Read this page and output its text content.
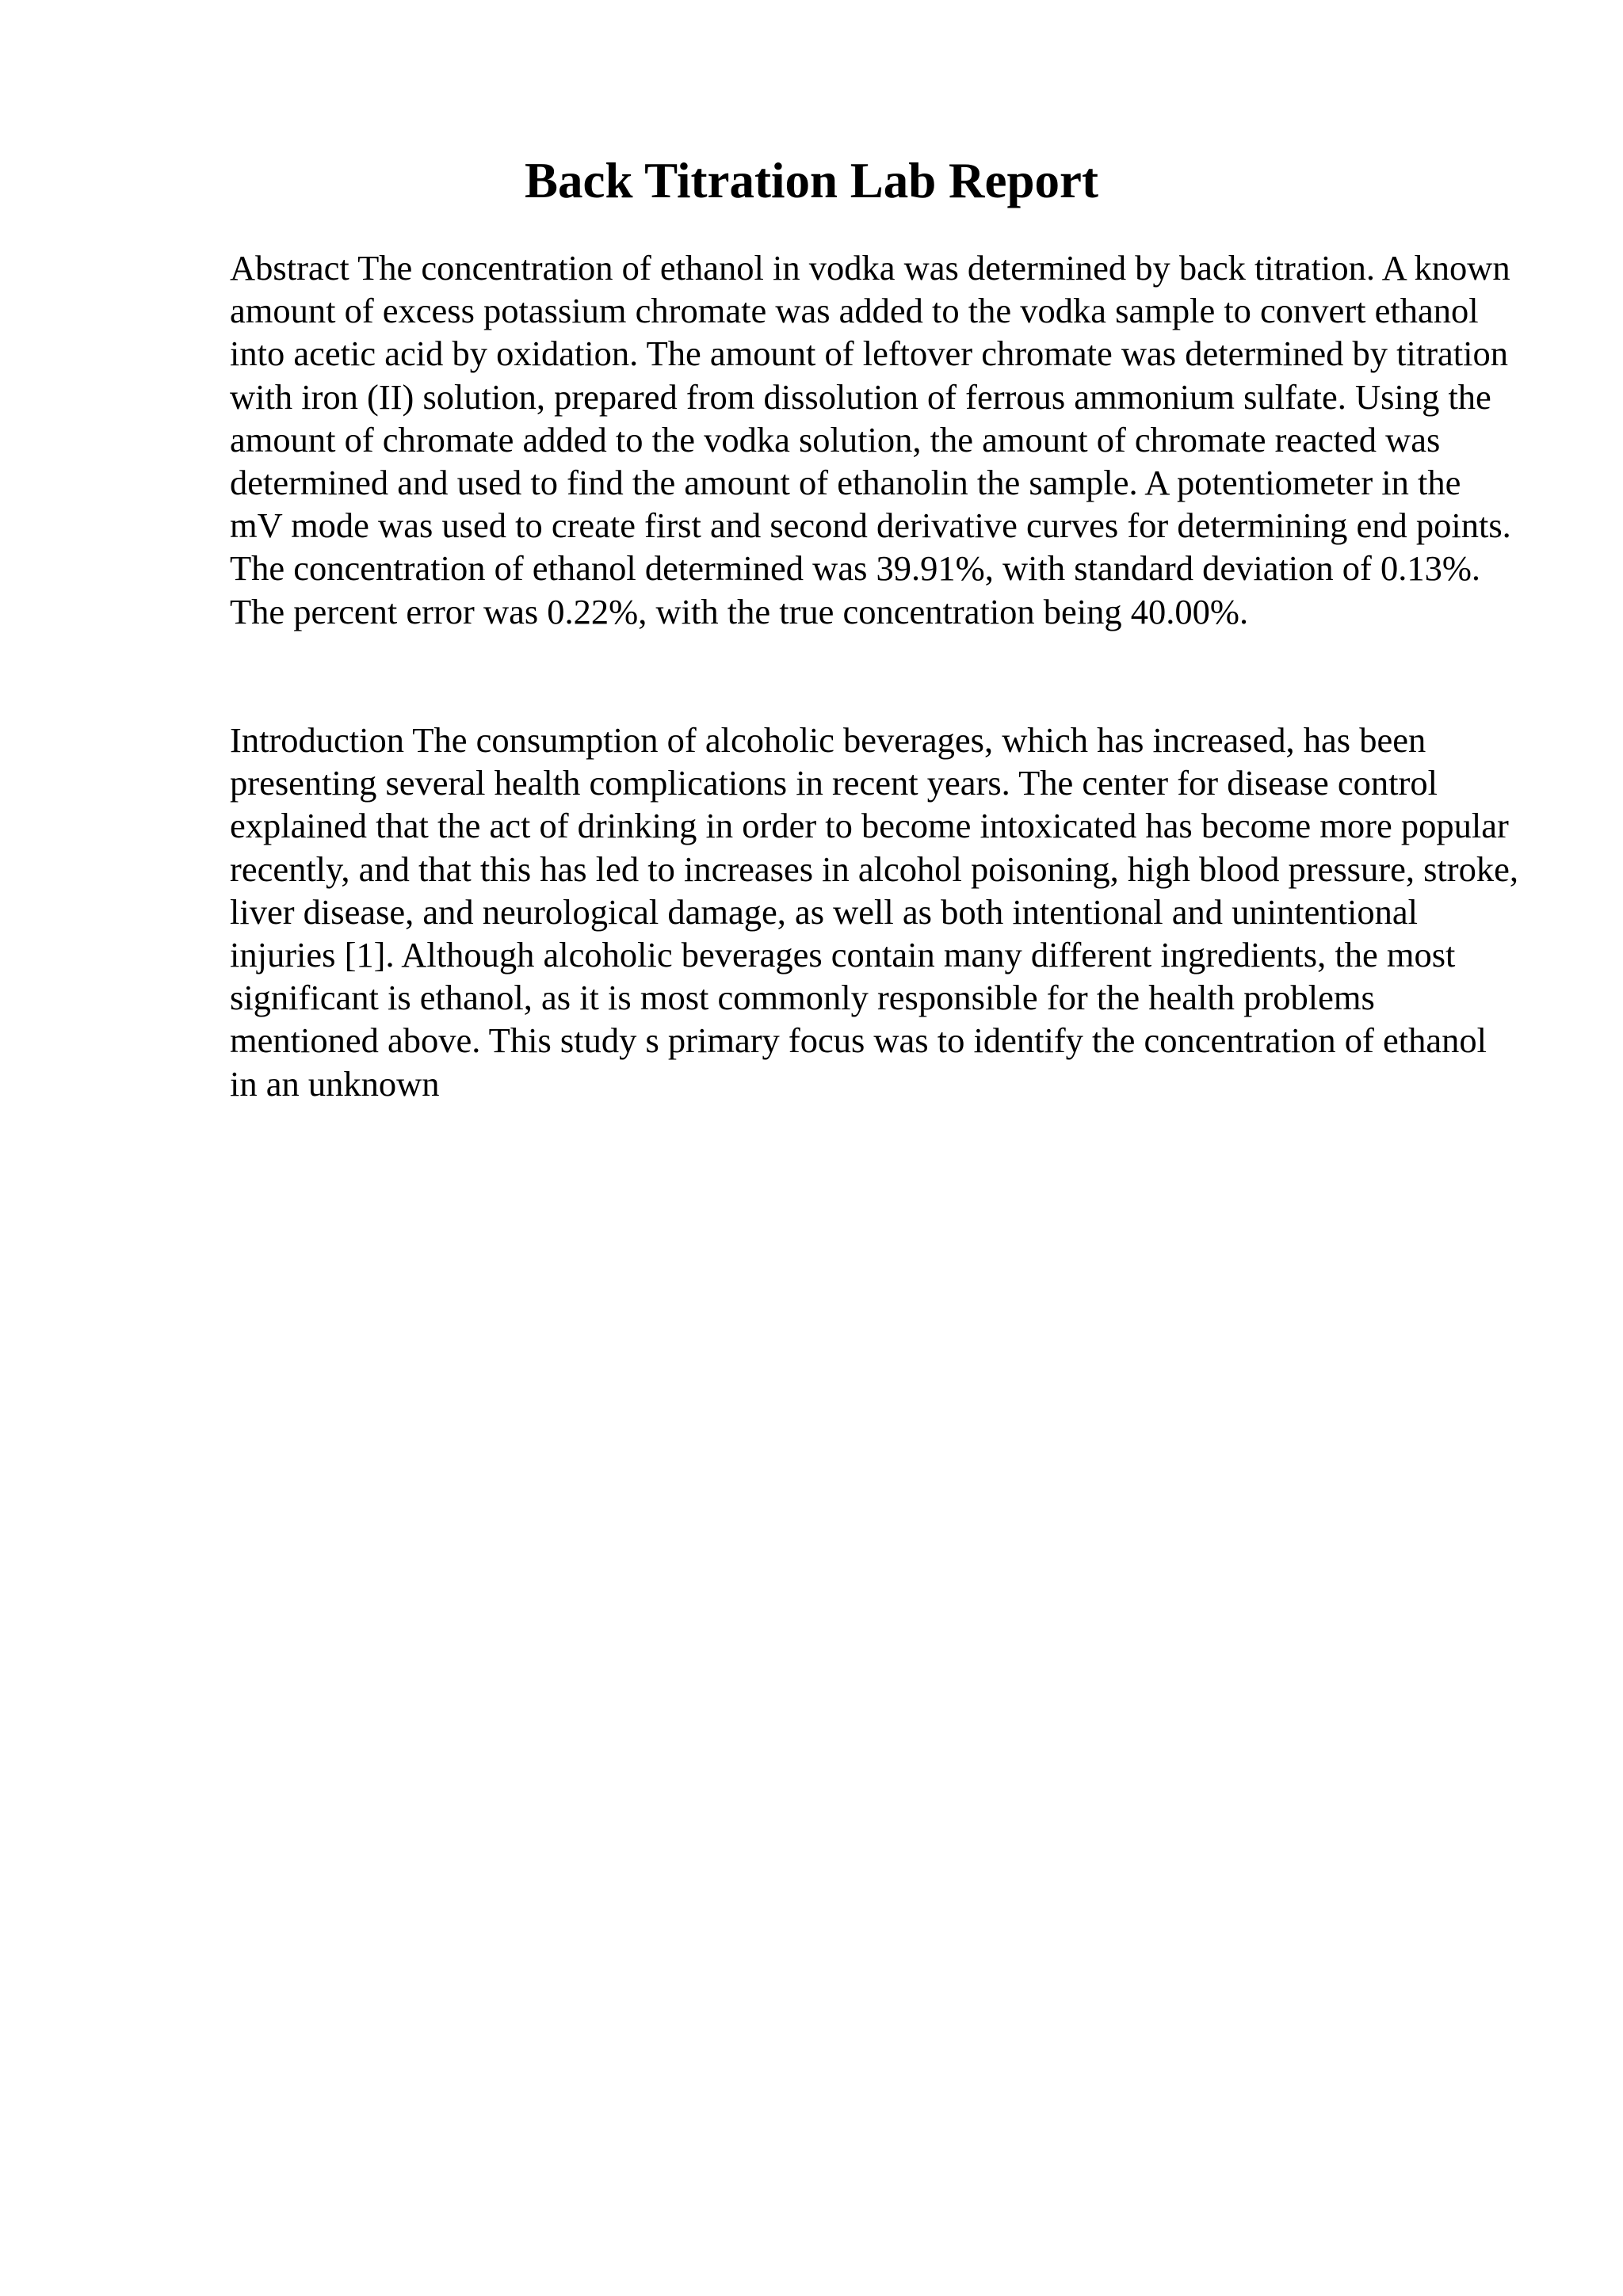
Back Titration Lab Report

Abstract The concentration of ethanol in vodka was determined by back titration. A known amount of excess potassium chromate was added to the vodka sample to convert ethanol into acetic acid by oxidation. The amount of leftover chromate was determined by titration with iron (II) solution, prepared from dissolution of ferrous ammonium sulfate. Using the amount of chromate added to the vodka solution, the amount of chromate reacted was determined and used to find the amount of ethanolin the sample. A potentiometer in the mV mode was used to create first and second derivative curves for determining end points. The concentration of ethanol determined was 39.91%, with standard deviation of 0.13%. The percent error was 0.22%, with the true concentration being 40.00%.

Introduction The consumption of alcoholic beverages, which has increased, has been presenting several health complications in recent years. The center for disease control explained that the act of drinking in order to become intoxicated has become more popular recently, and that this has led to increases in alcohol poisoning, high blood pressure, stroke, liver disease, and neurological damage, as well as both intentional and unintentional injuries [1]. Although alcoholic beverages contain many different ingredients, the most significant is ethanol, as it is most commonly responsible for the health problems mentioned above. This study s primary focus was to identify the concentration of ethanol in an unknown
